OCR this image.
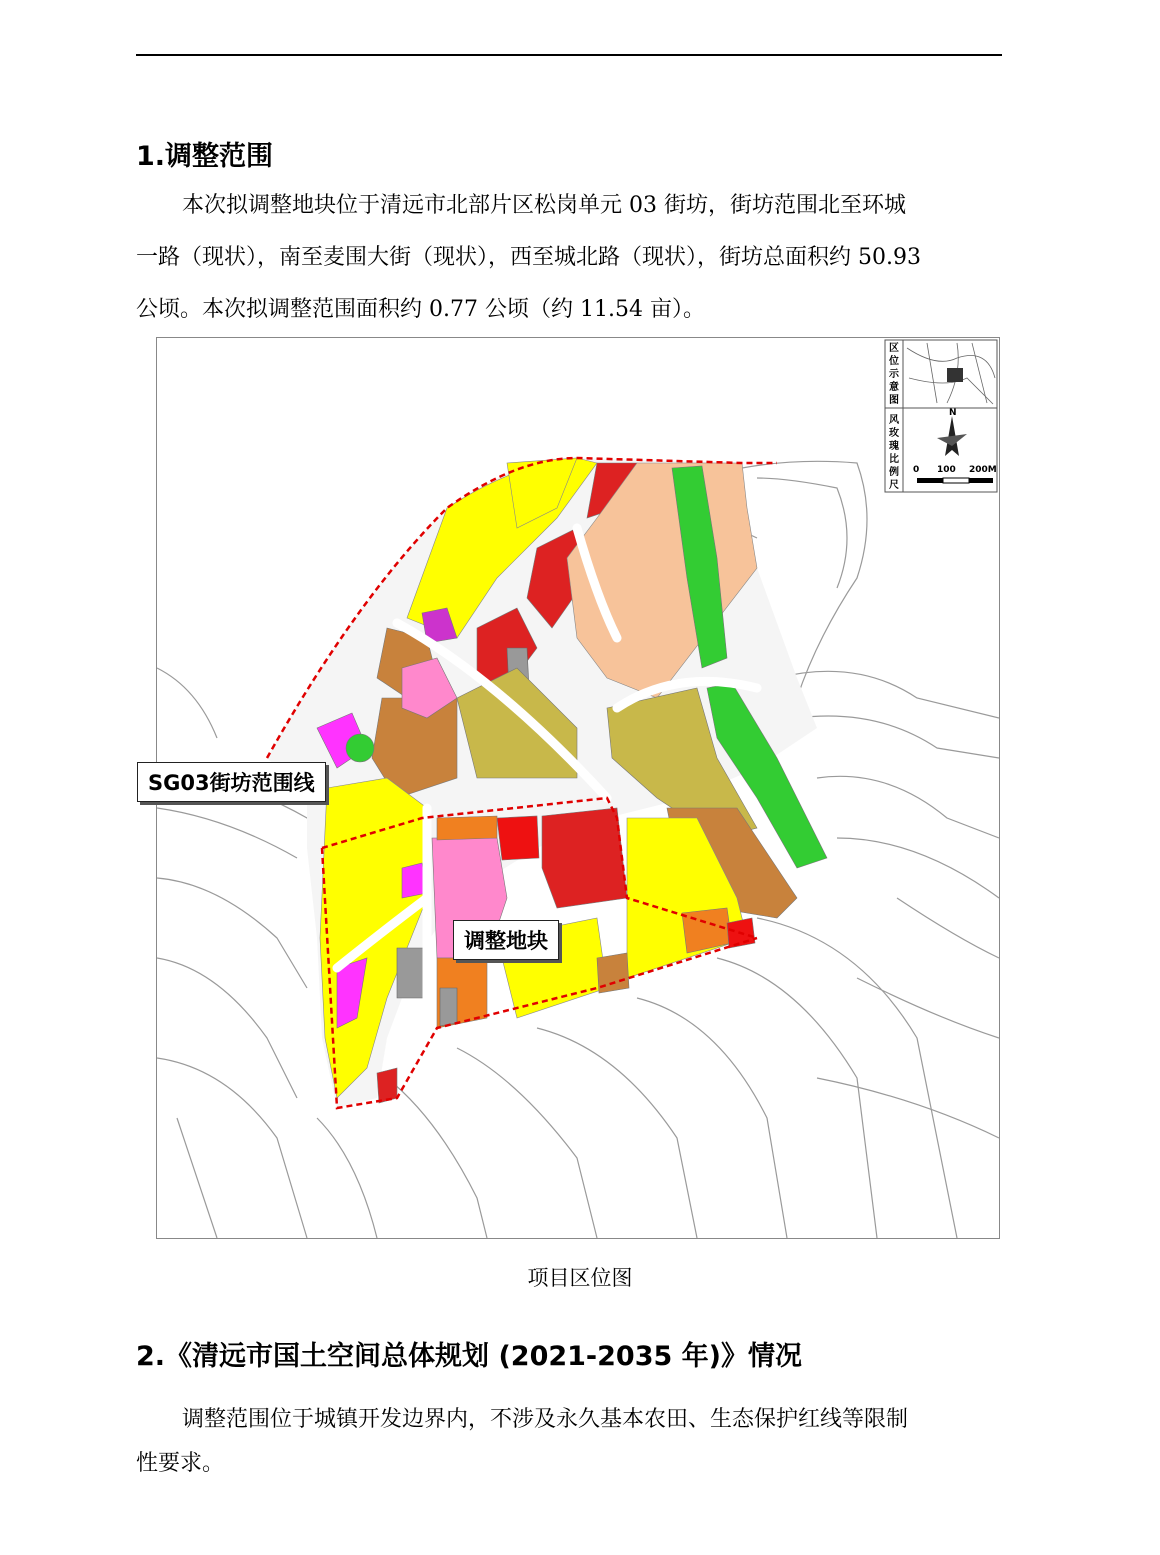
1.调整范围
本次拟调整地块位于清远市北部片区松岗单元 03 街坊，街坊范围北至环城
一路（现状），南至麦围大街（现状），西至城北路（现状），街坊总面积约 50.93
公顷。本次拟调整范围面积约 0.77 公顷（约 11.54 亩）。
区位示意图
风玫瑰比例尺
N
0 100 200M
SG03街坊范围线
调整地块
项目区位图
2.《清远市国土空间总体规划 (2021-2035 年)》情况
调整范围位于城镇开发边界内，不涉及永久基本农田、生态保护红线等限制
性要求。
